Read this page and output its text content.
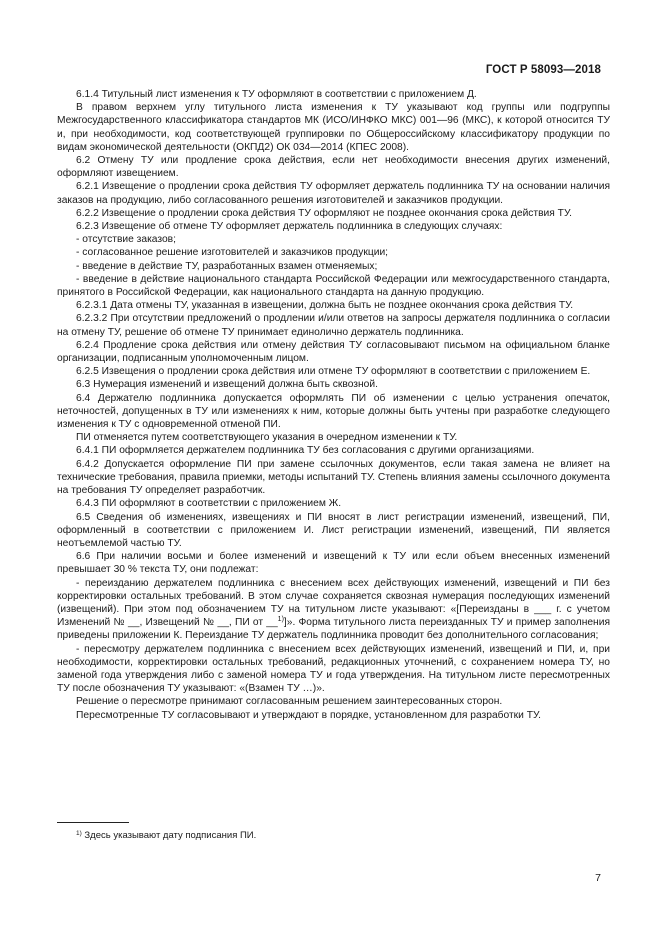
ГОСТ Р 58093—2018

6.1.4 Титульный лист изменения к ТУ оформляют в соответствии с приложением Д.

В правом верхнем углу титульного листа изменения к ТУ указывают код группы или подгруппы Межгосударственного классификатора стандартов МК (ИСО/ИНФКО МКС) 001—96 (МКС), к которой относится ТУ и, при необходимости, код соответствующей группировки по Общероссийскому классификатору продукции по видам экономической деятельности (ОКПД2) ОК 034—2014 (КПЕС 2008).

6.2 Отмену ТУ или продление срока действия, если нет необходимости внесения других изменений, оформляют извещением.

6.2.1 Извещение о продлении срока действия ТУ оформляет держатель подлинника ТУ на основании наличия заказов на продукцию, либо согласованного решения изготовителей и заказчиков продукции.

6.2.2 Извещение о продлении срока действия ТУ оформляют не позднее окончания срока действия ТУ.

6.2.3 Извещение об отмене ТУ оформляет держатель подлинника в следующих случаях:

- отсутствие заказов;

- согласованное решение изготовителей и заказчиков продукции;

- введение в действие ТУ, разработанных взамен отменяемых;

- введение в действие национального стандарта Российской Федерации или межгосударственного стандарта, принятого в Российской Федерации, как национального стандарта на данную продукцию.

6.2.3.1 Дата отмены ТУ, указанная в извещении, должна быть не позднее окончания срока действия ТУ.

6.2.3.2 При отсутствии предложений о продлении и/или ответов на запросы держателя подлинника о согласии на отмену ТУ, решение об отмене ТУ принимает единолично держатель подлинника.

6.2.4 Продление срока действия или отмену действия ТУ согласовывают письмом на официальном бланке организации, подписанным уполномоченным лицом.

6.2.5 Извещения о продлении срока действия или отмене ТУ оформляют в соответствии с приложением Е.

6.3 Нумерация изменений и извещений должна быть сквозной.

6.4 Держателю подлинника допускается оформлять ПИ об изменении с целью устранения опечаток, неточностей, допущенных в ТУ или изменениях к ним, которые должны быть учтены при разработке следующего изменения к ТУ с одновременной отменой ПИ.

ПИ отменяется путем соответствующего указания в очередном изменении к ТУ.

6.4.1 ПИ оформляется держателем подлинника ТУ без согласования с другими организациями.

6.4.2 Допускается оформление ПИ при замене ссылочных документов, если такая замена не влияет на технические требования, правила приемки, методы испытаний ТУ. Степень влияния замены ссылочного документа на требования ТУ определяет разработчик.

6.4.3 ПИ оформляют в соответствии с приложением Ж.

6.5 Сведения об изменениях, извещениях и ПИ вносят в лист регистрации изменений, извещений, ПИ, оформленный в соответствии с приложением И. Лист регистрации изменений, извещений, ПИ является неотъемлемой частью ТУ.

6.6 При наличии восьми и более изменений и извещений к ТУ или если объем внесенных изменений превышает 30 % текста ТУ, они подлежат:

- переизданию держателем подлинника с внесением всех действующих изменений, извещений и ПИ без корректировки остальных требований. В этом случае сохраняется сквозная нумерация последующих изменений (извещений). При этом под обозначением ТУ на титульном листе указывают: «[Переизданы в ___ г. с учетом Изменений № __, Извещений № __, ПИ от __$^{1)}$]». Форма титульного листа переизданных ТУ и пример заполнения приведены приложении К. Переиздание ТУ держатель подлинника проводит без дополнительного согласования;

- пересмотру держателем подлинника с внесением всех действующих изменений, извещений и ПИ, и, при необходимости, корректировки остальных требований, редакционных уточнений, с сохранением номера ТУ, но заменой года утверждения либо с заменой номера ТУ и года утверждения. На титульном листе пересмотренных ТУ после обозначения ТУ указывают: «(Взамен ТУ …)».

Решение о пересмотре принимают согласованным решением заинтересованных сторон.

Пересмотренные ТУ согласовывают и утверждают в порядке, установленном для разработки ТУ.

$^{1)}$ Здесь указывают дату подписания ПИ.
7
